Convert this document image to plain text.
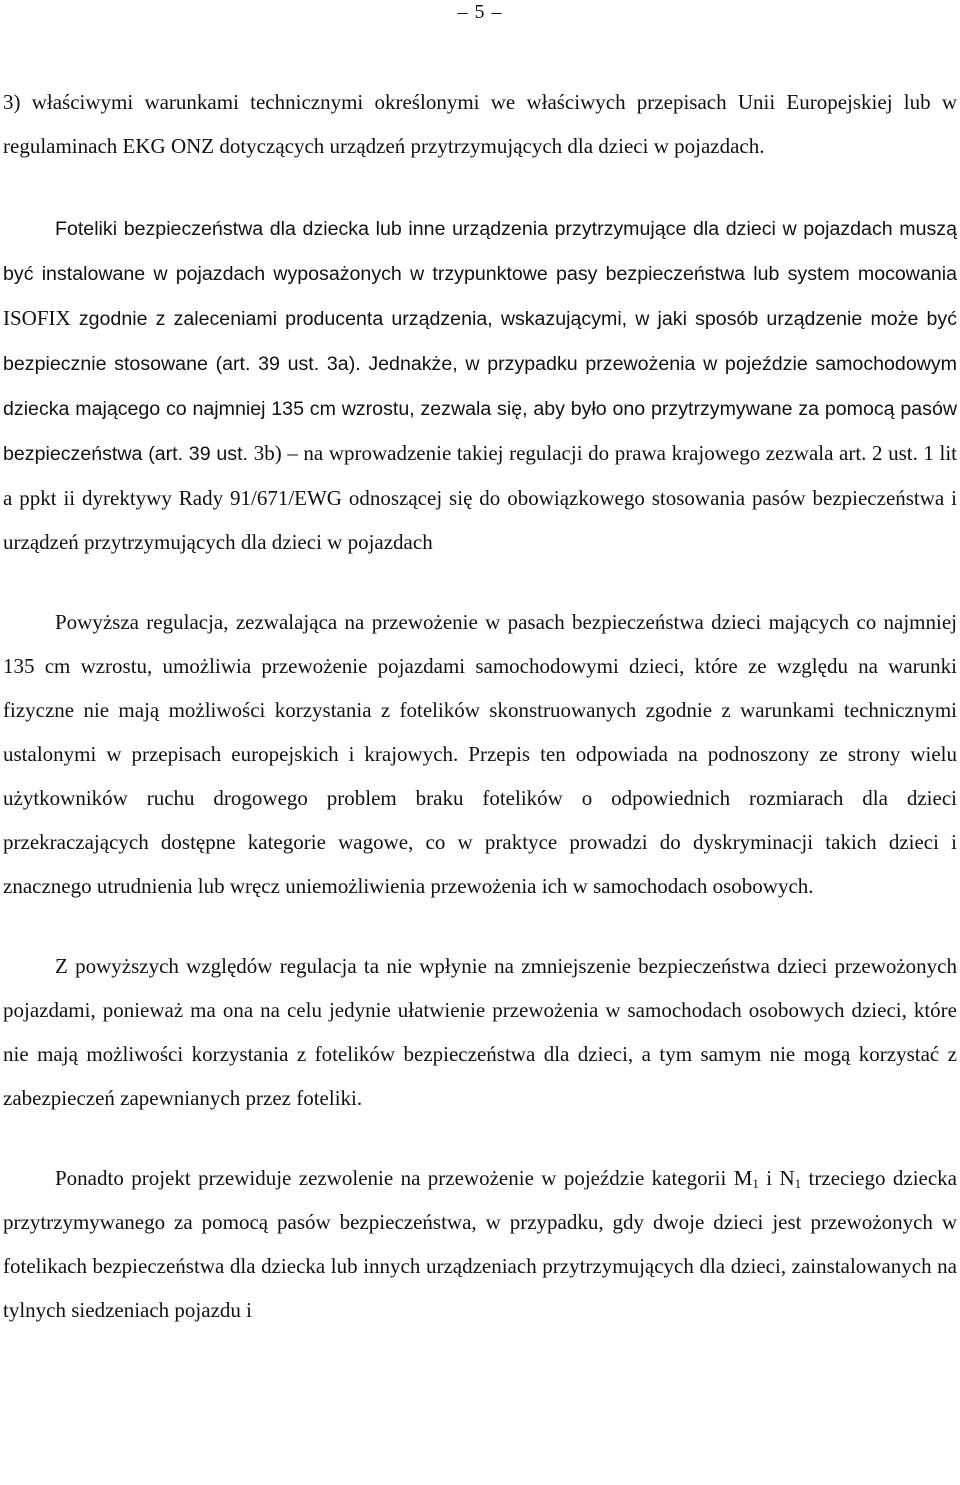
– 5 –

3) właściwymi warunkami technicznymi określonymi we właściwych przepisach Unii Europejskiej lub w regulaminach EKG ONZ dotyczących urządzeń przytrzymujących dla dzieci w pojazdach.

Foteliki bezpieczeństwa dla dziecka lub inne urządzenia przytrzymujące dla dzieci w pojazdach muszą być instalowane w pojazdach wyposażonych w trzypunktowe pasy bezpieczeństwa lub system mocowania ISOFIX zgodnie z zaleceniami producenta urządzenia, wskazującymi, w jaki sposób urządzenie może być bezpiecznie stosowane (art. 39 ust. 3a). Jednakże, w przypadku przewożenia w pojeździe samochodowym dziecka mającego co najmniej 135 cm wzrostu, zezwala się, aby było ono przytrzymywane za pomocą pasów bezpieczeństwa (art. 39 ust. 3b) – na wprowadzenie takiej regulacji do prawa krajowego zezwala art. 2 ust. 1 lit a ppkt ii dyrektywy Rady 91/671/EWG odnoszącej się do obowiązkowego stosowania pasów bezpieczeństwa i urządzeń przytrzymujących dla dzieci w pojazdach

Powyższa regulacja, zezwalająca na przewożenie w pasach bezpieczeństwa dzieci mających co najmniej 135 cm wzrostu, umożliwia przewożenie pojazdami samochodowymi dzieci, które ze względu na warunki fizyczne nie mają możliwości korzystania z fotelików skonstruowanych zgodnie z warunkami technicznymi ustalonymi w przepisach europejskich i krajowych. Przepis ten odpowiada na podnoszony ze strony wielu użytkowników ruchu drogowego problem braku fotelików o odpowiednich rozmiarach dla dzieci przekraczających dostępne kategorie wagowe, co w praktyce prowadzi do dyskryminacji takich dzieci i znacznego utrudnienia lub wręcz uniemożliwienia przewożenia ich w samochodach osobowych.

Z powyższych względów regulacja ta nie wpłynie na zmniejszenie bezpieczeństwa dzieci przewożonych pojazdami, ponieważ ma ona na celu jedynie ułatwienie przewożenia w samochodach osobowych dzieci, które nie mają możliwości korzystania z fotelików bezpieczeństwa dla dzieci, a tym samym nie mogą korzystać z zabezpieczeń zapewnianych przez foteliki.

Ponadto projekt przewiduje zezwolenie na przewożenie w pojeździe kategorii $M_1$ i $N_1$ trzeciego dziecka przytrzymywanego za pomocą pasów bezpieczeństwa, w przypadku, gdy dwoje dzieci jest przewożonych w fotelikach bezpieczeństwa dla dziecka lub innych urządzeniach przytrzymujących dla dzieci, zainstalowanych na tylnych siedzeniach pojazdu i
